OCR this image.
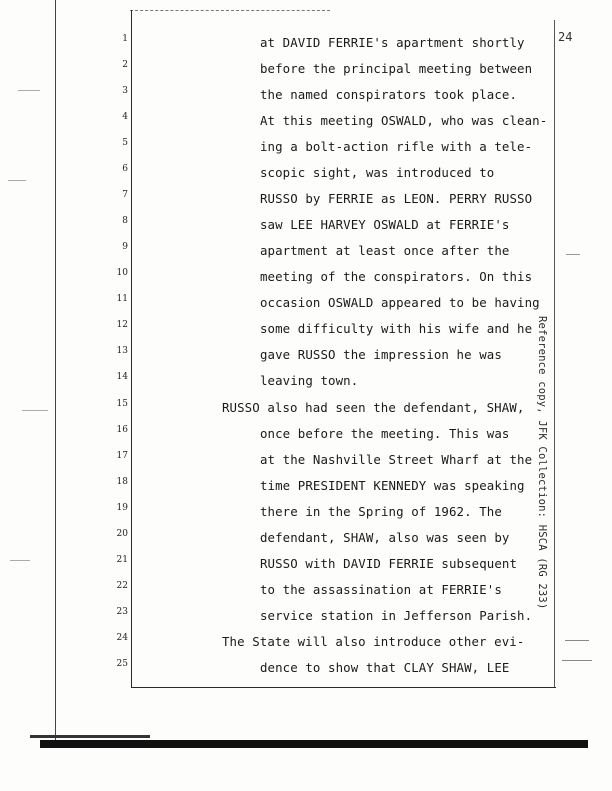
24
1
2
3
4
5
6
7
8
9
10
11
12
13
14
15
16
17
18
19
20
21
22
23
24
25
at DAVID FERRIE's apartment shortly
before the principal meeting between
the named conspirators took place.
At this meeting OSWALD, who was clean-
ing a bolt-action rifle with a tele-
scopic sight, was introduced to
RUSSO by FERRIE as LEON. PERRY RUSSO
saw LEE HARVEY OSWALD at FERRIE's
apartment at least once after the
meeting of the conspirators. On this
occasion OSWALD appeared to be having
some difficulty with his wife and he
gave RUSSO the impression he was
leaving town.
RUSSO also had seen the defendant, SHAW,
once before the meeting. This was
at the Nashville Street Wharf at the
time PRESIDENT KENNEDY was speaking
there in the Spring of 1962. The
defendant, SHAW, also was seen by
RUSSO with DAVID FERRIE subsequent
to the assassination at FERRIE's
service station in Jefferson Parish.
The State will also introduce other evi-
dence to show that CLAY SHAW, LEE
Reference copy, JFK Collection: HSCA (RG 233)
